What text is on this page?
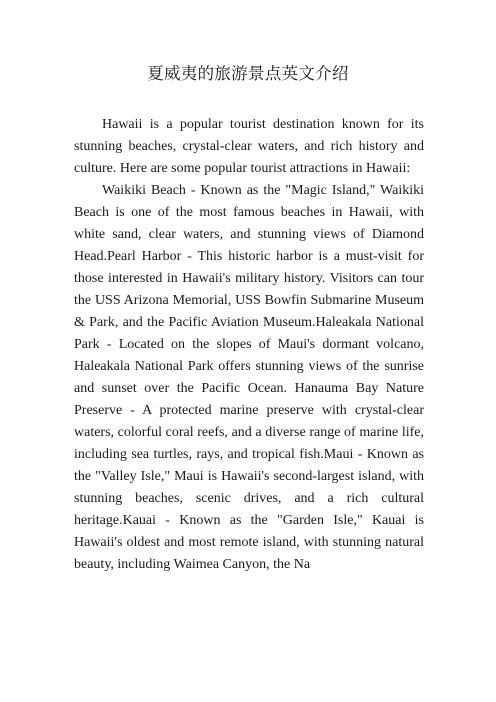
夏威夷的旅游景点英文介绍

Hawaii is a popular tourist destination known for its stunning beaches, crystal-clear waters, and rich history and culture. Here are some popular tourist attractions in Hawaii:

Waikiki Beach - Known as the "Magic Island," Waikiki Beach is one of the most famous beaches in Hawaii, with white sand, clear waters, and stunning views of Diamond Head.Pearl Harbor - This historic harbor is a must-visit for those interested in Hawaii's military history. Visitors can tour the USS Arizona Memorial, USS Bowfin Submarine Museum & Park, and the Pacific Aviation Museum.Haleakala National Park - Located on the slopes of Maui's dormant volcano, Haleakala National Park offers stunning views of the sunrise and sunset over the Pacific Ocean. Hanauma Bay Nature Preserve - A protected marine preserve with crystal-clear waters, colorful coral reefs, and a diverse range of marine life, including sea turtles, rays, and tropical fish.Maui - Known as the "Valley Isle," Maui is Hawaii's second-largest island, with stunning beaches, scenic drives, and a rich cultural heritage.Kauai - Known as the "Garden Isle," Kauai is Hawaii's oldest and most remote island, with stunning natural beauty, including Waimea Canyon, the Na
